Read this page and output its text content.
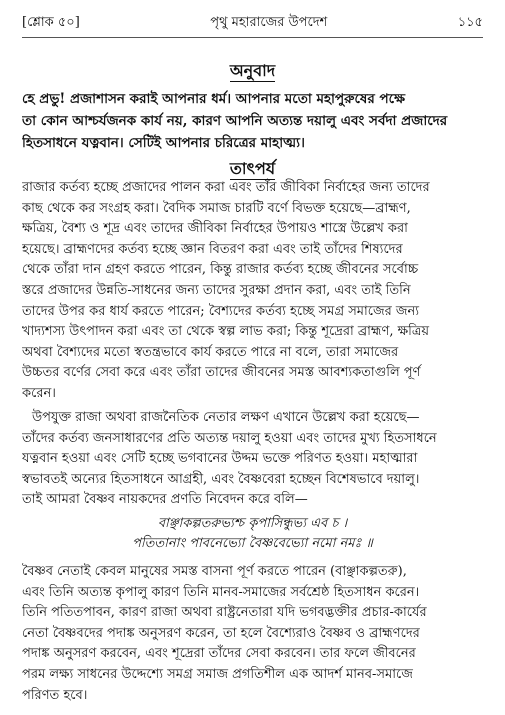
[শ্লোক ৫০]	পৃথু মহারাজের উপদেশ	১১৫
অনুবাদ
হে প্রভু! প্রজাশাসন করাই আপনার ধর্ম। আপনার মতো মহাপুরুষের পক্ষে
তা কোন আশ্চর্যজনক কার্য নয়, কারণ আপনি অত্যন্ত দয়ালু এবং সর্বদা প্রজাদের
হিতসাধনে যত্নবান। সেটিই আপনার চরিত্রের মাহাত্ম্য।
তাৎপর্য
রাজার কর্তব্য হচ্ছে প্রজাদের পালন করা এবং তাঁর জীবিকা নির্বাহের জন্য তাদের
কাছ থেকে কর সংগ্রহ করা। বৈদিক সমাজ চারটি বর্ণে বিভক্ত হয়েছে—ব্রাহ্মণ,
ক্ষত্রিয়, বৈশ্য ও শূদ্র এবং তাদের জীবিকা নির্বাহের উপায়ও শাস্ত্রে উল্লেখ করা
হয়েছে। ব্রাহ্মণদের কর্তব্য হচ্ছে জ্ঞান বিতরণ করা এবং তাই তাঁদের শিষ্যদের
থেকে তাঁরা দান গ্রহণ করতে পারেন, কিন্তু রাজার কর্তব্য হচ্ছে জীবনের সর্বোচ্চ
স্তরে প্রজাদের উন্নতি-সাধনের জন্য তাদের সুরক্ষা প্রদান করা, এবং তাই তিনি
তাদের উপর কর ধার্য করতে পারেন; বৈশ্যদের কর্তব্য হচ্ছে সমগ্র সমাজের জন্য
খাদ্যশস্য উৎপাদন করা এবং তা থেকে স্বল্প লাভ করা; কিন্তু শূদ্রেরা ব্রাহ্মণ, ক্ষত্রিয়
অথবা বৈশ্যদের মতো স্বতন্ত্রভাবে কার্য করতে পারে না বলে, তারা সমাজের
উচ্চতর বর্ণের সেবা করে এবং তাঁরা তাদের জীবনের সমস্ত আবশ্যকতাগুলি পূর্ণ
করেন।
উপযুক্ত রাজা অথবা রাজনৈতিক নেতার লক্ষণ এখানে উল্লেখ করা হয়েছে—
তাঁদের কর্তব্য জনসাধারণের প্রতি অত্যন্ত দয়ালু হওয়া এবং তাদের মুখ্য হিতসাধনে
যত্নবান হওয়া এবং সেটি হচ্ছে ভগবানের উদ্দম ভক্তে পরিণত হওয়া। মহাত্মারা
স্বভাবতই অন্যের হিতসাধনে আগ্রহী, এবং বৈষ্ণবেরা হচ্ছেন বিশেষভাবে দয়ালু।
তাই আমরা বৈষ্ণব নায়কদের প্রণতি নিবেদন করে বলি—
বাঞ্ছাকল্পতরুভ্যশ্চ কৃপাসিন্ধুভ্য এব চ ।
পতিতানাং পাবনেভ্যো বৈষ্ণবেভ্যো নমো নমঃ ॥
বৈষ্ণব নেতাই কেবল মানুষের সমস্ত বাসনা পূর্ণ করতে পারেন (বাঞ্ছাকল্পতরু),
এবং তিনি অত্যন্ত কৃপালু কারণ তিনি মানব-সমাজের সর্বশ্রেষ্ঠ হিতসাধন করেন।
তিনি পতিতপাবন, কারণ রাজা অথবা রাষ্ট্রনেতারা যদি ভগবদ্ভক্তীর প্রচার-কার্যের
নেতা বৈষ্ণবদের পদাঙ্ক অনুসরণ করেন, তা হলে বৈশ্যেরাও বৈষ্ণব ও ব্রাহ্মণদের
পদাঙ্ক অনুসরণ করবেন, এবং শূদ্রেরা তাঁদের সেবা করবেন। তার ফলে জীবনের
পরম লক্ষ্য সাধনের উদ্দেশ্যে সমগ্র সমাজ প্রগতিশীল এক আদর্শ মানব-সমাজে
পরিণত হবে।
